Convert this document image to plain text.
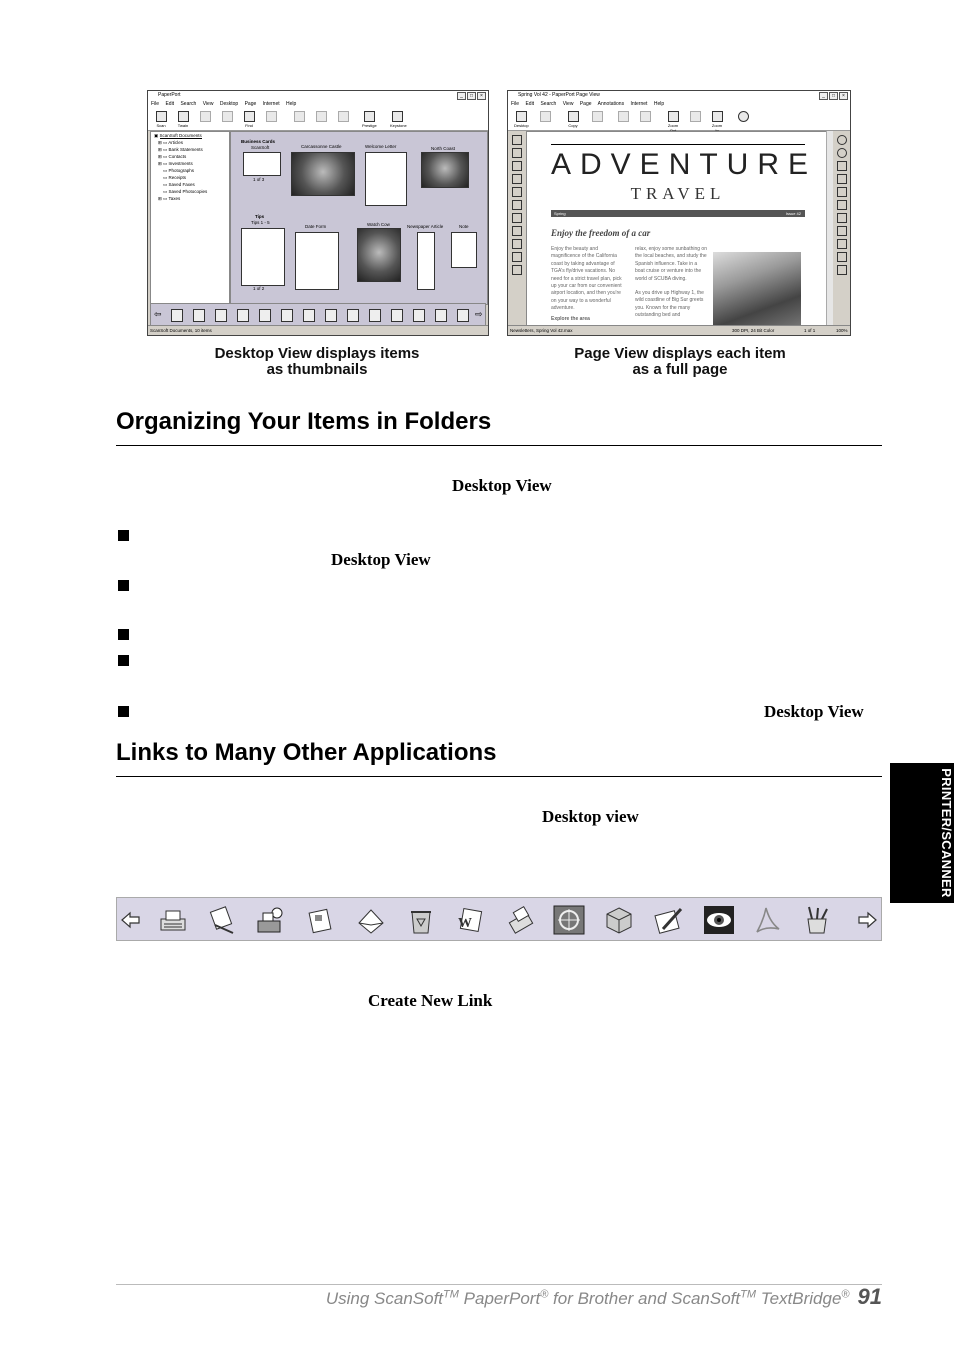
PaperPort	_	□	×
File Edit Search View Desktop Page Internet Help
Scan	Twain	Find	Prestige	Keystone
▣ ScanSoft Documents
⊞ ▭ Articles
⊞ ▭ Bank Statements
⊞ ▭ Contacts
⊞ ▭ Investments
▭ Photographs
▭ Receipts
▭ Saved Faxes
▭ Saved Photocopies
⊞ ▭ Taxes
Business Cards
ScanSoft
1 of 3
Carcassonne Castle	Welcome Letter	North Coast
Tips
Tips 1 - 5
1 of 2
Date Form	Watch Cow	Newspaper Article	Note
⇦	⇨
ScanSoft Documents, 10 items
Spring Vol 42 - PaperPort Page View	_	□	×
File Edit Search View Page Annotations Internet Help
Desktop	Copy	Zoom	Zoom
ADVENTURE
TRAVEL
Spring	Issue 42
Enjoy the freedom of a car
Enjoy the beauty and magnificence of the California coast by taking advantage of TGA's fly/drive vacations. No need for a strict travel plan, pick up your car from our convenient airport location, and then you're on your way to a wonderful adventure.
Explore the area
relax, enjoy some sunbathing on the local beaches, and study the Spanish influence. Take in a boat cruise or venture into the world of SCUBA diving.
As you drive up Highway 1, the wild coastline of Big Sur greets you. Known for the many outstanding bed and
Newsletters, Spring Vol 42.max	300 DPI, 24 Bit Color	1 of 1	100%
Desktop View displays items
as thumbnails
Page View displays each item
as a full page
Organizing Your Items in Folders
Desktop View
Desktop View
Desktop View
Links to Many Other Applications
Desktop view
W
Create New Link
PRINTER/SCANNER
Using ScanSoft™ PaperPort® for Brother and ScanSoft™ TextBridge® 91
